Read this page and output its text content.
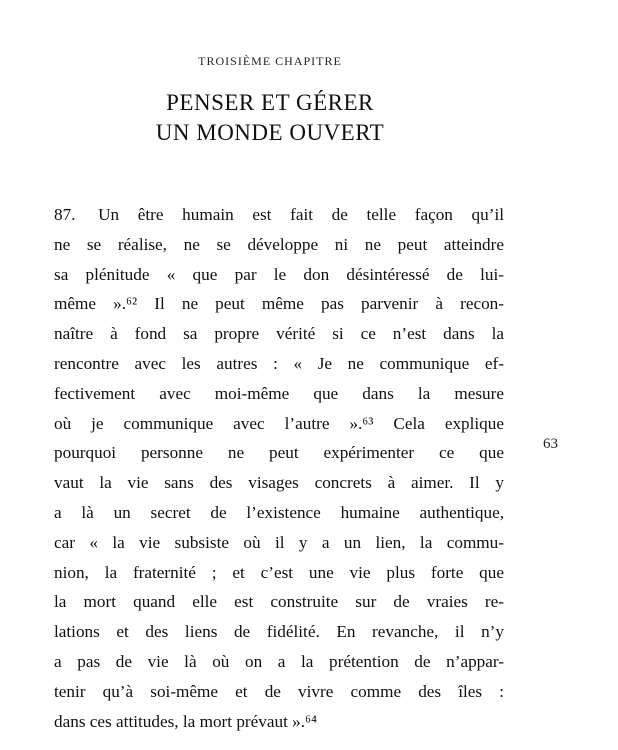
TROISIÈME CHAPITRE
PENSER ET GÉRER
UN MONDE OUVERT
87. Un être humain est fait de telle façon qu’il
ne se réalise, ne se développe ni ne peut atteindre
sa plénitude « que par le don désintéressé de lui-
même ».⁶² Il ne peut même pas parvenir à recon-
naître à fond sa propre vérité si ce n’est dans la
rencontre avec les autres : « Je ne communique ef-
fectivement avec moi-même que dans la mesure
où je communique avec l’autre ».⁶³ Cela explique
pourquoi personne ne peut expérimenter ce que
vaut la vie sans des visages concrets à aimer. Il y
a là un secret de l’existence humaine authentique,
car « la vie subsiste où il y a un lien, la commu-
nion, la fraternité ; et c’est une vie plus forte que
la mort quand elle est construite sur de vraies re-
lations et des liens de fidélité. En revanche, il n’y
a pas de vie là où on a la prétention de n’appar-
tenir qu’à soi-même et de vivre comme des îles :
dans ces attitudes, la mort prévaut ».⁶⁴
63
